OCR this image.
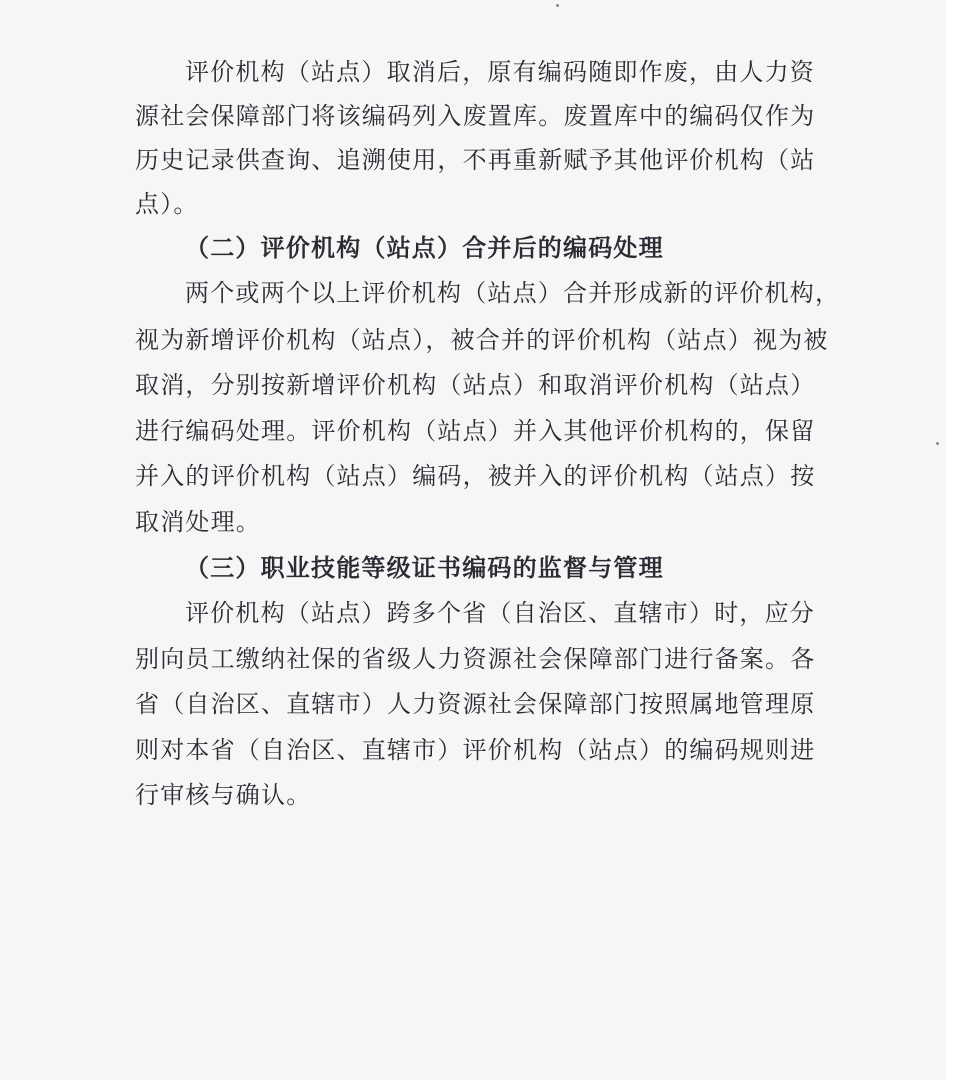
评价机构（站点）取消后，原有编码随即作废，由人力资
源社会保障部门将该编码列入废置库。废置库中的编码仅作为
历史记录供查询、追溯使用，不再重新赋予其他评价机构（站
点）。
（二）评价机构（站点）合并后的编码处理
两个或两个以上评价机构（站点）合并形成新的评价机构，
视为新增评价机构（站点），被合并的评价机构（站点）视为被
取消，分别按新增评价机构（站点）和取消评价机构（站点）
进行编码处理。评价机构（站点）并入其他评价机构的，保留
并入的评价机构（站点）编码，被并入的评价机构（站点）按
取消处理。
（三）职业技能等级证书编码的监督与管理
评价机构（站点）跨多个省（自治区、直辖市）时，应分
别向员工缴纳社保的省级人力资源社会保障部门进行备案。各
省（自治区、直辖市）人力资源社会保障部门按照属地管理原
则对本省（自治区、直辖市）评价机构（站点）的编码规则进
行审核与确认。
